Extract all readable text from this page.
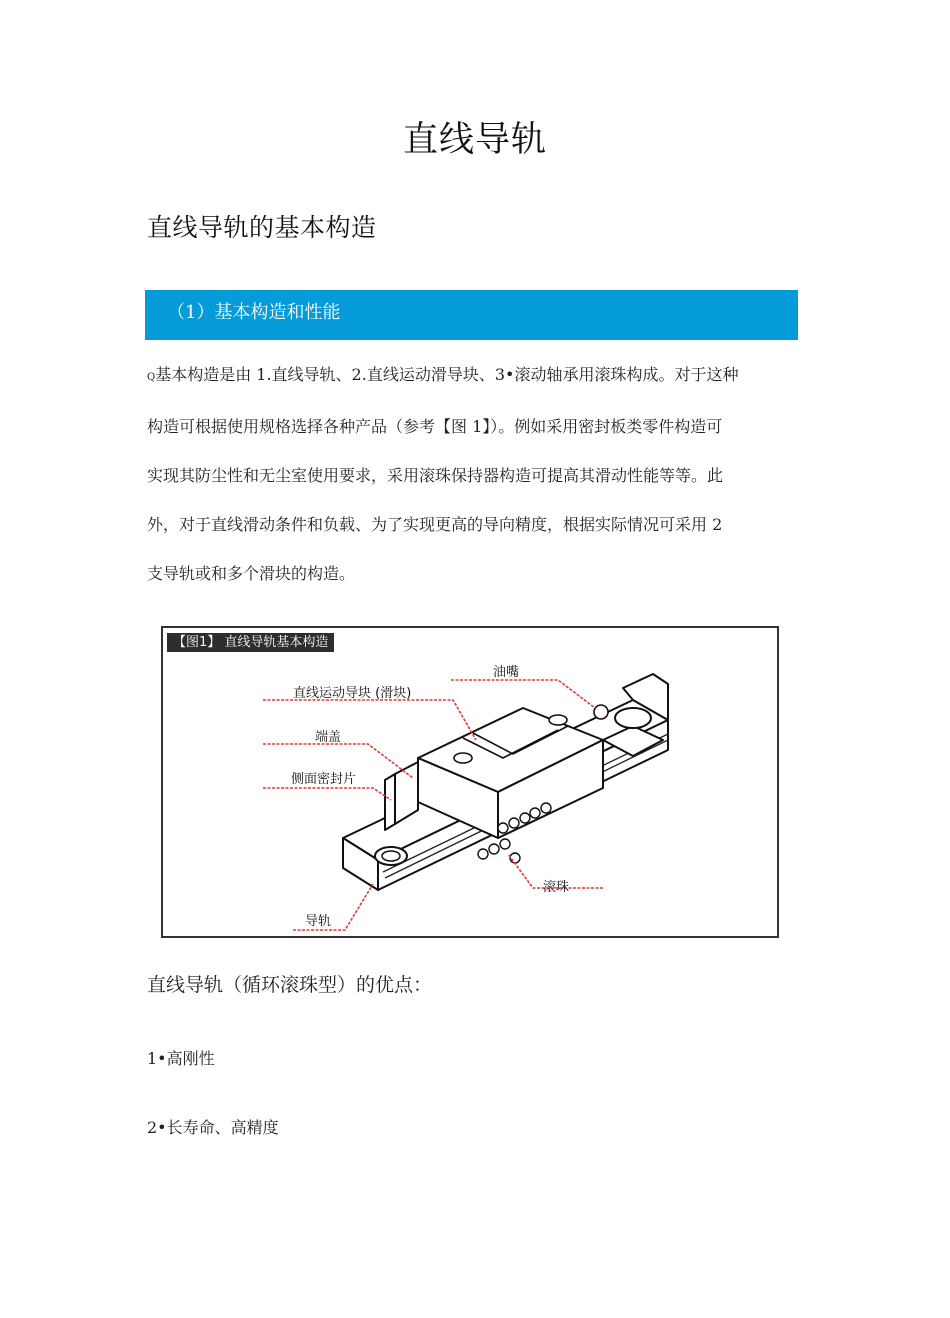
直线导轨
直线导轨的基本构造
（1）基本构造和性能
Q基本构造是由 1.直线导轨、2.直线运动滑导块、3•滚动轴承用滚珠构成。对于这种
构造可根据使用规格选择各种产品（参考【图 1】）。例如采用密封板类零件构造可
实现其防尘性和无尘室使用要求，采用滚珠保持器构造可提高其滑动性能等等。此
外，对于直线滑动条件和负载、为了实现更高的导向精度，根据实际情况可采用 2
支导轨或和多个滑块的构造。
【图1】 直线导轨基本构造
油嘴
直线运动导块 (滑块)
端盖
侧面密封片
滚珠
导轨
直线导轨（循环滚珠型）的优点：
1•高刚性
2•长寿命、高精度
